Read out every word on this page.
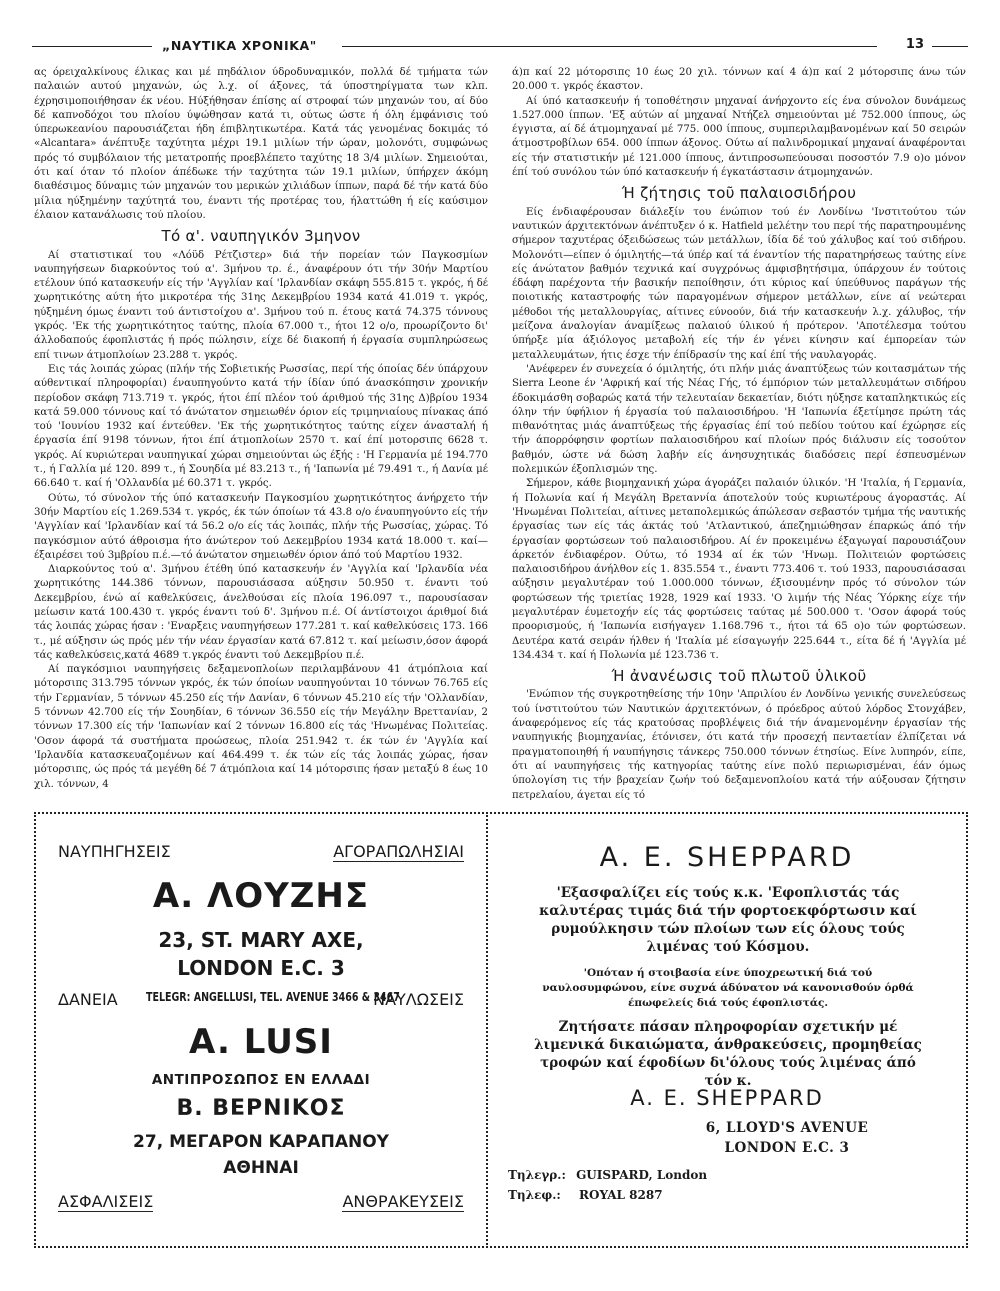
„ΝΑΥΤΙΚΑ ΧΡΟΝΙΚΑ"	13

ας όρειχαλκίνους έλικας και μέ πηδάλιον ύδροδυναμικόν, πολλά δέ τμήματα τών παλαιών αυτού μηχανών, ώς λ.χ. οί άξονες, τά ύποστηρίγματα των κλπ. έχρησιμοποιήθησαν έκ νέου. Ηύξήθησαν έπίσης αί στροφαί τών μηχανών του, αί δύο δέ καπνοδόχοι του πλοίου ύψώθησαν κατά τι, ούτως ώστε ή όλη έμφάνισις τού ύπερωκεανίου παρουσιάζεται ήδη έπιβλητικωτέρα. Κατά τάς γενομένας δοκιμάς τό «Alcantara» άνέπτυξε ταχύτητα μέχρι 19.1 μιλίων τήν ώραν, μολονότι, συμφώνως πρός τό συμβόλαιον τής μετατροπής προεβλέπετο ταχύτης 18 3/4 μιλίων. Σημειούται, ότι καί όταν τό πλοίον άπέδωκε τήν ταχύτητα τών 19.1 μιλίων, ύπήρχεν άκόμη διαθέσιμος δύναμις τών μηχανών του μερικών χιλιάδων ίππων, παρά δέ τήν κατά δύο μίλια ηύξημένην ταχύτητά του, έναντι τής προτέρας του, ήλαττώθη ή είς καύσιμον έλαιον κατανάλωσις τού πλοίου.

Τό α'. ναυπηγικόν 3μηνον

Αί στατιστικαί του «Λόϋδ Ρέτζιστερ» διά τήν πορείαν τών Παγκοσμίων ναυπηγήσεων διαρκούντος τού α'. 3μήνου τρ. έ., άναφέρουν ότι τήν 30ήν Μαρτίου ετέλουν ύπό κατασκευήν είς τήν 'Αγγλίαν καί 'Ιρλανδίαν σκάφη 555.815 τ. γκρός, ή δέ χωρητικότης αύτη ήτο μικροτέρα τής 31ης Δεκεμβρίου 1934 κατά 41.019 τ. γκρός, ηύξημένη όμως έναντι τού άντιστοίχου α'. 3μήνου τού π. έτους κατά 74.375 τόννους γκρός. 'Εκ τής χωρητικότητος ταύτης, πλοία 67.000 τ., ήτοι 12 ο/ο, προωρίζοντο δι' άλλοδαπούς έφοπλιστάς ή πρός πώλησιν, είχε δέ διακοπή ή έργασία συμπληρώσεως επί τινων άτμοπλοίων 23.288 τ. γκρός.

Εις τάς λοιπάς χώρας (πλήν τής Σοβιετικής Ρωσσίας, περί τής όποίας δέν ύπάρχουν αύθεντικαί πληροφορίαι) έναυπηγούντο κατά τήν ίδίαν ύπό άνασκόπησιν χρονικήν περίοδον σκάφη 713.719 τ. γκρός, ήτοι έπί πλέον τού άριθμού τής 31ης Δ)βρίου 1934 κατά 59.000 τόννους καί τό άνώτατον σημειωθέν όριον είς τριμηνιαίους πίνακας άπό τού 'Ιουνίου 1932 καί έντεύθεν. 'Εκ τής χωρητικότητος ταύτης είχεν άνασταλή ή έργασία έπί 9198 τόννων, ήτοι έπί άτμοπλοίων 2570 τ. καί έπί μοτορσιπς 6628 τ. γκρός. Αί κυριώτεραι ναυπηγικαί χώραι σημειούνται ώς έξής : 'Η Γερμανία μέ 194.770 τ., ή Γαλλία μέ 120. 899 τ., ή Σουηδία μέ 83.213 τ., ή 'Ιαπωνία μέ 79.491 τ., ή Δανία μέ 66.640 τ. καί ή 'Ολλανδία μέ 60.371 τ. γκρός.

Ούτω, τό σύνολον τής ύπό κατασκευήν Παγκοσμίου χωρητικότητος άνήρχετο τήν 30ήν Μαρτίου είς 1.269.534 τ. γκρός, έκ τών όποίων τά 43.8 ο/ο έναυπηγούντο είς τήν 'Αγγλίαν καί 'Ιρλανδίαν καί τά 56.2 ο/ο είς τάς λοιπάς, πλήν τής Ρωσσίας, χώρας. Τό παγκόσμιον αύτό άθροισμα ήτο άνώτερον τού Δεκεμβρίου 1934 κατά 18.000 τ. καί—έξαιρέσει τού 3μβρίου π.έ.—τό άνώτατον σημειωθέν όριον άπό τού Μαρτίου 1932.

Διαρκούντος τού α'. 3μήνου έτέθη ύπό κατασκευήν έν 'Αγγλία καί 'Ιρλανδία νέα χωρητικότης 144.386 τόννων, παρουσιάσασα αύξησιν 50.950 τ. έναντι τού Δεκεμβρίου, ένώ αί καθελκύσεις, άνελθούσαι είς πλοία 196.097 τ., παρουσίασαν μείωσιν κατά 100.430 τ. γκρός έναντι τού δ'. 3μήνου π.έ. Οί άντίστοιχοι άριθμοί διά τάς λοιπάς χώρας ήσαν : 'Εναρξεις ναυπηγήσεων 177.281 τ. καί καθελκύσεις 173. 166 τ., μέ αύξησιν ώς πρός μέν τήν νέαν έργασίαν κατά 67.812 τ. καί μείωσιν,όσον άφορά τάς καθελκύσεις,κατά 4689 τ.γκρός έναντι τού Δεκεμβρίου π.έ.

Αί παγκόσμιοι ναυπηγήσεις δεξαμενοπλοίων περιλαμβάνουν 41 άτμόπλοια καί μότορσιπς 313.795 τόννων γκρός, έκ τών όποίων ναυπηγούνται 10 τόννων 76.765 είς τήν Γερμανίαν, 5 τόννων 45.250 είς τήν Δανίαν, 6 τόννων 45.210 είς τήν 'Ολλανδίαν, 5 τόννων 42.700 είς τήν Σουηδίαν, 6 τόννων 36.550 είς τήν Μεγάλην Βρεττανίαν, 2 τόννων 17.300 είς τήν 'Ιαπωνίαν καί 2 τόννων 16.800 είς τάς 'Ηνωμένας Πολιτείας. 'Οσον άφορά τά συστήματα προώσεως, πλοία 251.942 τ. έκ τών έν 'Αγγλία καί 'Ιρλανδία κατασκευαζομένων καί 464.499 τ. έκ τών είς τάς λοιπάς χώρας, ήσαν μότορσιπς, ώς πρός τά μεγέθη δέ 7 άτμόπλοια καί 14 μότορσιπς ήσαν μεταξύ 8 έως 10 χιλ. τόννων, 4

ά)π καί 22 μότορσιπς 10 έως 20 χιλ. τόννων καί 4 ά)π καί 2 μότορσιπς άνω τών 20.000 τ. γκρός έκαστον.

Αί ύπό κατασκευήν ή τοποθέτησιν μηχαναί άνήρχοντο είς ένα σύνολον δυνάμεως 1.527.000 ίππων. 'Εξ αύτών αί μηχαναί Ντήζελ σημειούνται μέ 752.000 ίππους, ώς έγγιστα, αί δέ άτμομηχαναί μέ 775. 000 ίππους, συμπεριλαμβανομένων καί 50 σειρών άτμοστροβίλων 654. 000 ίππων άξονος. Ούτω αί παλινδρομικαί μηχαναί άναφέρονται είς τήν στατιστικήν μέ 121.000 ίππους, άντιπροσωπεύουσαι ποσοστόν 7.9 ο)ο μόνον έπί τού συνόλου τών ύπό κατασκευήν ή έγκατάστασιν άτμομηχανών.

Ή ζήτησις τοῦ παλαιοσιδήρου

Είς ένδιαφέρουσαν διάλεξίν του ένώπιον τού έν Λονδίνω 'Ινστιτούτου τών ναυτικών άρχιτεκτόνων άνέπτυξεν ό κ. Hatfield μελέτην του περί τής παρατηρουμένης σήμερον ταχυτέρας όξειδώσεως τών μετάλλων, ίδία δέ τού χάλυβος καί τού σιδήρου. Μολονότι—είπεν ό όμιλητής—τά ύπέρ καί τά έναντίον τής παρατηρήσεως ταύτης είνε είς άνώτατον βαθμόν τεχνικά καί συγχρόνως άμφισβητήσιμα, ύπάρχουν έν τούτοις έδάφη παρέχοντα τήν βασικήν πεποίθησιν, ότι κύριος καί ύπεύθυνος παράγων τής ποιοτικής καταστροφής τών παραγομένων σήμερον μετάλλων, είνε αί νεώτεραι μέθοδοι τής μεταλλουργίας, αίτινες εύνοούν, διά τήν κατασκευήν λ.χ. χάλυβος, τήν μείζονα άναλογίαν άναμίξεως παλαιού ύλικού ή πρότερον. 'Αποτέλεσμα τούτου ύπήρξε μία άξιόλογος μεταβολή είς τήν έν γένει κίνησιν καί έμπορείαν τών μεταλλευμάτων, ήτις έσχε τήν έπίδρασίν της καί έπί τής ναυλαγοράς.

'Ανέφερεν έν συνεχεία ό όμιλητής, ότι πλήν μιάς άναπτύξεως τών κοιτασμάτων τής Sierra Leone έν 'Αφρική καί τής Νέας Γής, τό έμπόριον τών μεταλλευμάτων σιδήρου έδοκιμάσθη σοβαρώς κατά τήν τελευταίαν δεκαετίαν, διότι ηύξησε καταπληκτικώς είς όλην τήν ύφήλιον ή έργασία τού παλαιοσιδήρου. 'Η 'Ιαπωνία έξετίμησε πρώτη τάς πιθανότητας μιάς άναπτύξεως τής έργασίας έπί τού πεδίου τούτου καί έχώρησε είς τήν άπορρόφησιν φορτίων παλαιοσιδήρου καί πλοίων πρός διάλυσιν είς τοσούτον βαθμόν, ώστε νά δώση λαβήν είς άνησυχητικάς διαδόσεις περί έσπευσμένων πολεμικών έξοπλισμών της.

Σήμερον, κάθε βιομηχανική χώρα άγοράζει παλαιόν ύλικόν. 'Η 'Ιταλία, ή Γερμανία, ή Πολωνία καί ή Μεγάλη Βρεταννία άποτελούν τούς κυριωτέρους άγοραστάς. Αί 'Ηνωμέναι Πολιτείαι, αίτινες μεταπολεμικώς άπώλεσαν σεβαστόν τμήμα τής ναυτικής έργασίας των είς τάς άκτάς τού 'Ατλαντικού, άπεζημιώθησαν έπαρκώς άπό τήν έργασίαν φορτώσεων τού παλαιοσιδήρου. Αί έν προκειμένω έξαγωγαί παρουσιάζουν άρκετόν ένδιαφέρον. Ούτω, τό 1934 αί έκ τών 'Ηνωμ. Πολιτειών φορτώσεις παλαιοσιδήρου άνήλθον είς 1. 835.554 τ., έναντι 773.406 τ. τού 1933, παρουσιάσασαι αύξησιν μεγαλυτέραν τού 1.000.000 τόννων, έξισουμένην πρός τό σύνολον τών φορτώσεων τής τριετίας 1928, 1929 καί 1933. 'Ο λιμήν τής Νέας Ύόρκης είχε τήν μεγαλυτέραν έυμετοχήν είς τάς φορτώσεις ταύτας μέ 500.000 τ. 'Οσον άφορά τούς προορισμούς, ή 'Ιαπωνία εισήγαγεν 1.168.796 τ., ήτοι τά 65 ο)ο τών φορτώσεων. Δευτέρα κατά σειράν ήλθεν ή 'Ιταλία μέ είσαγωγήν 225.644 τ., είτα δέ ή 'Αγγλία μέ 134.434 τ. καί ή Πολωνία μέ 123.736 τ.

Ή ἀνανέωσις τοῦ πλωτοῦ ὑλικοῦ

'Ενώπιον τής συγκροτηθείσης τήν 10ην 'Απριλίου έν Λονδίνω γενικής συνελεύσεως τού ίνστιτούτου τών Ναυτικών άρχιτεκτόνων, ό πρόεδρος αύτού λόρδος Στονχάβεν, άναφερόμενος είς τάς κρατούσας προβλέψεις διά τήν άναμενομένην έργασίαν τής ναυπηγικής βιομηχανίας, έτόνισεν, ότι κατά τήν προσεχή πενταετίαν έλπίζεται νά πραγματοποιηθή ή ναυπήγησις τάνκερς 750.000 τόννων έτησίως. Είνε λυπηρόν, είπε, ότι αί ναυπηγήσεις τής κατηγορίας ταύτης είνε πολύ περιωρισμέναι, έάν όμως ύπολογίση τις τήν βραχείαν ζωήν τού δεξαμενοπλοίου κατά τήν αύξουσαν ζήτησιν πετρελαίου, άγεται είς τό

ΝΑΥΠΗΓΗΣΕΙΣ	ΑΓΟΡΑΠΩΛΗΣΙΑΙ
Α. ΛΟΥΖΗΣ
23, ST. MARY AXE,
LONDON E.C. 3
ΔΑΝΕΙΑ	TELEGR: ANGELLUSI, TEL. AVENUE 3466 & 3467
ΝΑΥΛΩΣΕΙΣ
A. LUSI
ΑΝΤΙΠΡΟΣΩΠΟΣ ΕΝ ΕΛΛΑΔΙ
Β. ΒΕΡΝΙΚΟΣ
27, ΜΕΓΑΡΟΝ ΚΑΡΑΠΑΝΟΥ
ΑΘΗΝΑΙ
ΑΣΦΑΛΙΣΕΙΣ	ΑΝΘΡΑΚΕΥΣΕΙΣ
A. E. SHEPPARD
'Εξασφαλίζει είς τούς κ.κ. 'Εφοπλιστάς τάς καλυτέρας τιμάς διά τήν φορτοεκφόρτωσιν καί ρυμούλκησιν τών πλοίων των είς όλους τούς λιμένας τού Κόσμου.
'Οπόταν ή στοιβασία είνε ύποχρεωτική διά τού ναυλοσυμφώνου, είνε συχνά άδύνατον νά κανονισθούν όρθά έπωφελείς διά τούς έφοπλιστάς.
Ζητήσατε πάσαν πληροφορίαν σχετικήν μέ λιμενικά δικαιώματα, άνθρακεύσεις, προμηθείας τροφών καί έφοδίων δι'όλους τούς λιμένας άπό τόν κ.
A. E. SHEPPARD
6, LLOYD'S AVENUE
LONDON E.C. 3
Τηλεγρ.: GUISPARD, London
Τηλεφ.: ROYAL 8287
